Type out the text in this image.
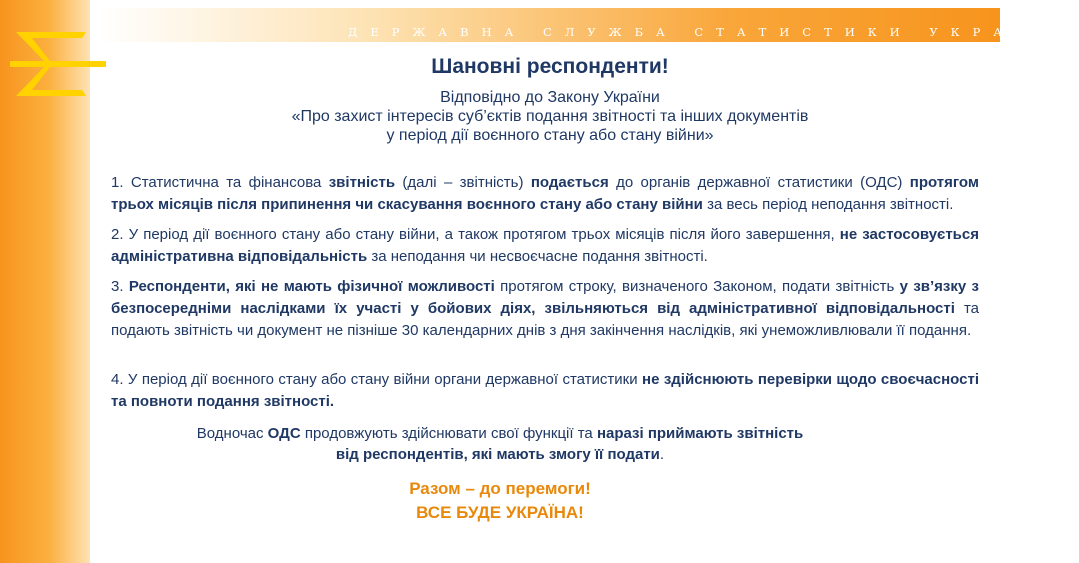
ДЕРЖАВНА СЛУЖБА СТАТИСТИКИ УКРАЇНИ
Шановні респонденти!
Відповідно до Закону України
«Про захист інтересів суб’єктів подання звітності та інших документів
у період дії воєнного стану або стану війни»
1. Статистична та фінансова звітність (далі – звітність) подається до органів державної статистики (ОДС) протягом трьох місяців після припинення чи скасування воєнного стану або стану війни за весь період неподання звітності.
2. У період дії воєнного стану або стану війни, а також протягом трьох місяців після його завершення, не застосовується адміністративна відповідальність за неподання чи несвоєчасне подання звітності.
3. Респонденти, які не мають фізичної можливості протягом строку, визначеного Законом, подати звітність у зв’язку з безпосередніми наслідками їх участі у бойових діях, звільняються від адміністративної відповідальності та подають звітність чи документ не пізніше 30 календарних днів з дня закінчення наслідків, які унеможливлювали її подання.
4. У період дії воєнного стану або стану війни органи державної статистики не здійснюють перевірки щодо своєчасності та повноти подання звітності.
Водночас ОДС продовжують здійснювати свої функції та наразі приймають звітність
від респондентів, які мають змогу її подати.
Разом – до перемоги!
ВСЕ БУДЕ УКРАЇНА!
